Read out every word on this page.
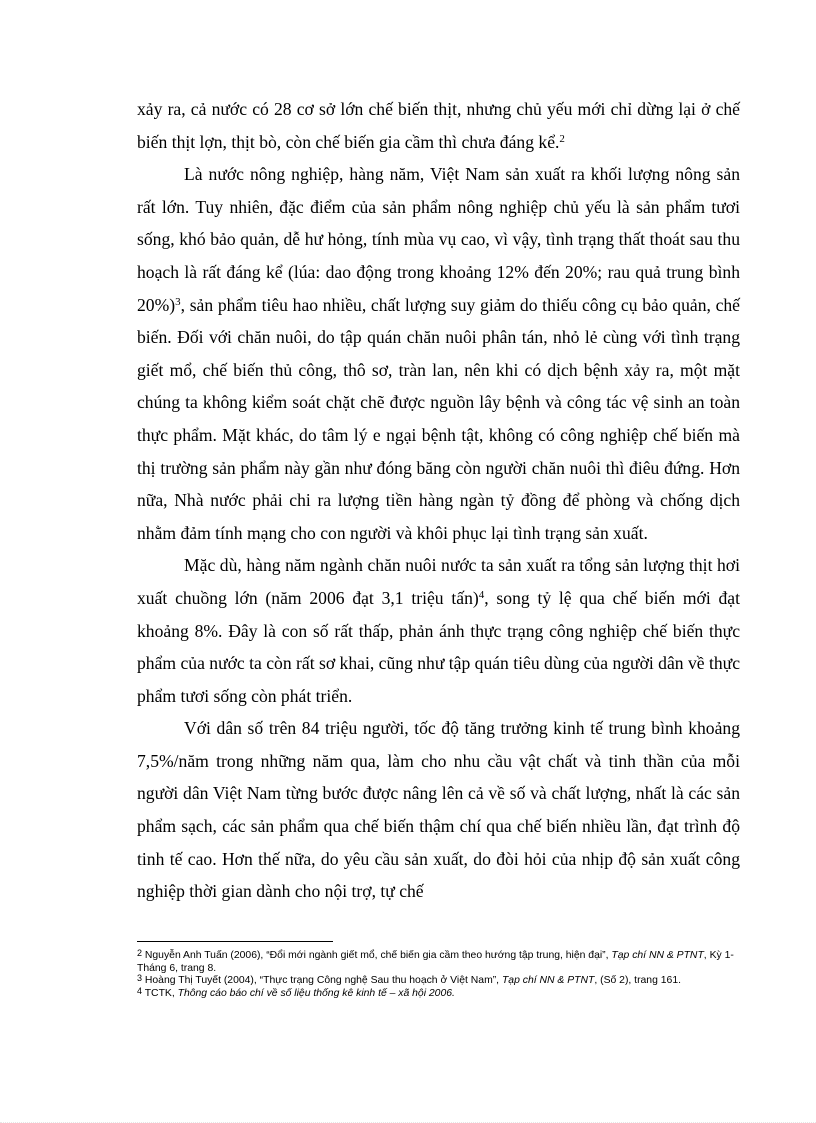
xảy ra, cả nước có 28 cơ sở lớn chế biến thịt, nhưng chủ yếu mới chỉ dừng lại ở chế biến thịt lợn, thịt bò, còn chế biến gia cầm thì chưa đáng kể.$^2$

Là nước nông nghiệp, hàng năm, Việt Nam sản xuất ra khối lượng nông sản rất lớn. Tuy nhiên, đặc điểm của sản phẩm nông nghiệp chủ yếu là sản phẩm tươi sống, khó bảo quản, dễ hư hỏng, tính mùa vụ cao, vì vậy, tình trạng thất thoát sau thu hoạch là rất đáng kể (lúa: dao động trong khoảng 12% đến 20%; rau quả trung bình 20%)$^3$, sản phẩm tiêu hao nhiều, chất lượng suy giảm do thiếu công cụ bảo quản, chế biến. Đối với chăn nuôi, do tập quán chăn nuôi phân tán, nhỏ lẻ cùng với tình trạng giết mổ, chế biến thủ công, thô sơ, tràn lan, nên khi có dịch bệnh xảy ra, một mặt chúng ta không kiểm soát chặt chẽ được nguồn lây bệnh và công tác vệ sinh an toàn thực phẩm. Mặt khác, do tâm lý e ngại bệnh tật, không có công nghiệp chế biến mà thị trường sản phẩm này gần như đóng băng còn người chăn nuôi thì điêu đứng. Hơn nữa, Nhà nước phải chi ra lượng tiền hàng ngàn tỷ đồng để phòng và chống dịch nhằm đảm tính mạng cho con người và khôi phục lại tình trạng sản xuất.

Mặc dù, hàng năm ngành chăn nuôi nước ta sản xuất ra tổng sản lượng thịt hơi xuất chuồng lớn (năm 2006 đạt 3,1 triệu tấn)$^4$, song tỷ lệ qua chế biến mới đạt khoảng 8%. Đây là con số rất thấp, phản ánh thực trạng công nghiệp chế biến thực phẩm của nước ta còn rất sơ khai, cũng như tập quán tiêu dùng của người dân về thực phẩm tươi sống còn phát triển.

Với dân số trên 84 triệu người, tốc độ tăng trưởng kinh tế trung bình khoảng 7,5%/năm trong những năm qua, làm cho nhu cầu vật chất và tinh thần của mỗi người dân Việt Nam từng bước được nâng lên cả về số và chất lượng, nhất là các sản phẩm sạch, các sản phẩm qua chế biến thậm chí qua chế biến nhiều lần, đạt trình độ tinh tế cao. Hơn thế nữa, do yêu cầu sản xuất, do đòi hỏi của nhịp độ sản xuất công nghiệp thời gian dành cho nội trợ, tự chế

$^2$ Nguyễn Anh Tuấn (2006), “Đổi mới ngành giết mổ, chế biến gia cầm theo hướng tập trung, hiện đại”, Tạp chí NN & PTNT, Kỳ 1-Tháng 6, trang 8.

$^3$ Hoàng Thị Tuyết (2004), “Thực trạng Công nghệ Sau thu hoạch ở Việt Nam”, Tạp chí NN & PTNT, (Số 2), trang 161.

$^4$ TCTK, Thông cáo báo chí về số liệu thống kê kinh tế – xã hội 2006.
